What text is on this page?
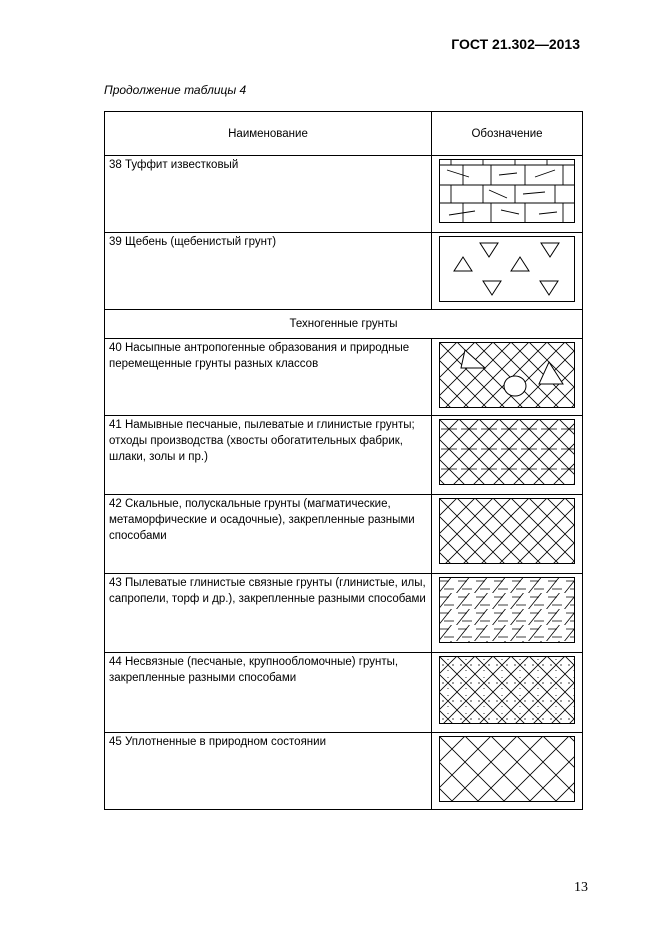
ГОСТ 21.302—2013
Продолжение таблицы 4
Наименование	Обозначение
38 Туффит известковый	

39 Щебень (щебенистый грунт)	

Техногенные грунты	
40 Насыпные антропогенные образования и природные перемещенные грунты разных классов	

41 Намывные песчаные, пылеватые и глинистые грунты; отходы производства (хвосты обогатительных фабрик, шлаки, золы и пр.)	

42 Скальные, полускальные грунты (магматические, метаморфические и осадочные), закрепленные разными способами	

43 Пылеватые глинистые связные грунты (глинистые, илы, сапропели, торф и др.), закрепленные разными способами	

44 Несвязные (песчаные, крупнообломочные) грунты, закрепленные разными способами	

45 Уплотненные в природном состоянии	
13
